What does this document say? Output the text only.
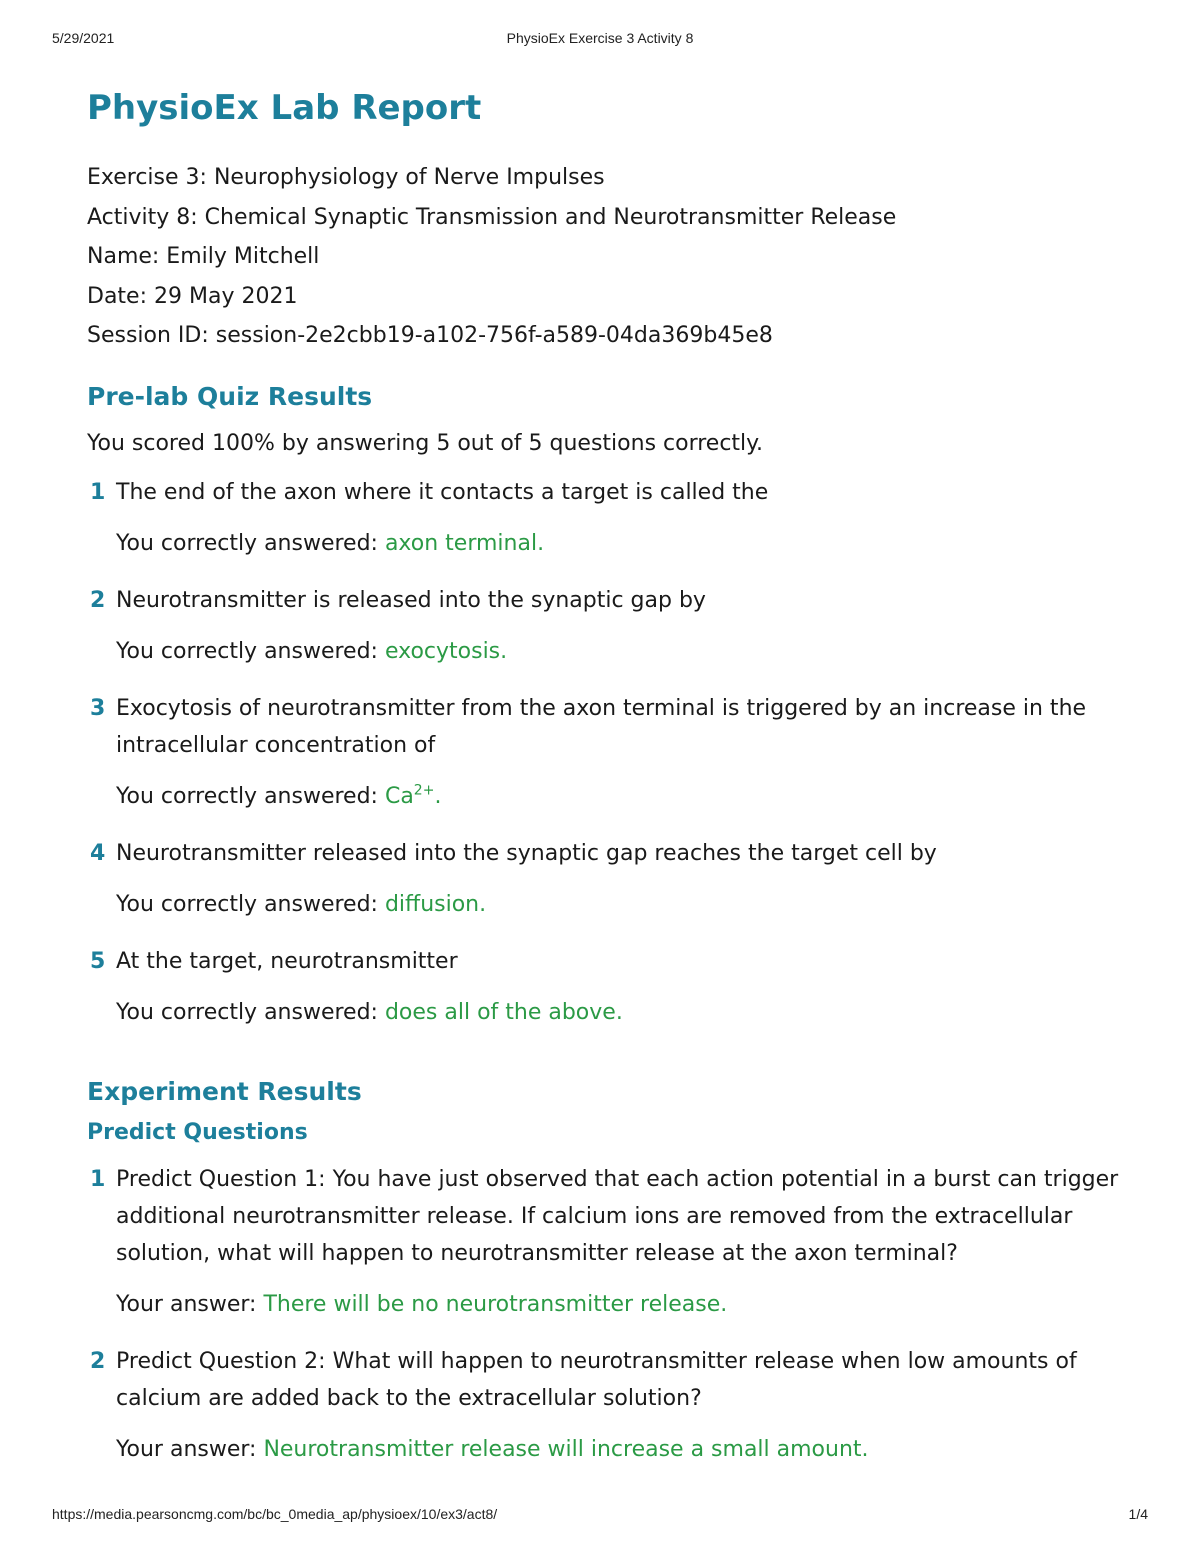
5/29/2021	PhysioEx Exercise 3 Activity 8
PhysioEx Lab Report
Exercise 3: Neurophysiology of Nerve Impulses
Activity 8: Chemical Synaptic Transmission and Neurotransmitter Release
Name: Emily Mitchell
Date: 29 May 2021
Session ID: session-2e2cbb19-a102-756f-a589-04da369b45e8
Pre-lab Quiz Results
You scored 100% by answering 5 out of 5 questions correctly.
1 The end of the axon where it contacts a target is called the
You correctly answered: axon terminal.
2 Neurotransmitter is released into the synaptic gap by
You correctly answered: exocytosis.
3 Exocytosis of neurotransmitter from the axon terminal is triggered by an increase in the intracellular concentration of
You correctly answered: $Ca^{2+}$.
4 Neurotransmitter released into the synaptic gap reaches the target cell by
You correctly answered: diffusion.
5 At the target, neurotransmitter
You correctly answered: does all of the above.
Experiment Results
Predict Questions
1 Predict Question 1: You have just observed that each action potential in a burst can trigger additional neurotransmitter release. If calcium ions are removed from the extracellular solution, what will happen to neurotransmitter release at the axon terminal?
Your answer: There will be no neurotransmitter release.
2 Predict Question 2: What will happen to neurotransmitter release when low amounts of calcium are added back to the extracellular solution?
Your answer: Neurotransmitter release will increase a small amount.
https://media.pearsoncmg.com/bc/bc_0media_ap/physioex/10/ex3/act8/	1/4
